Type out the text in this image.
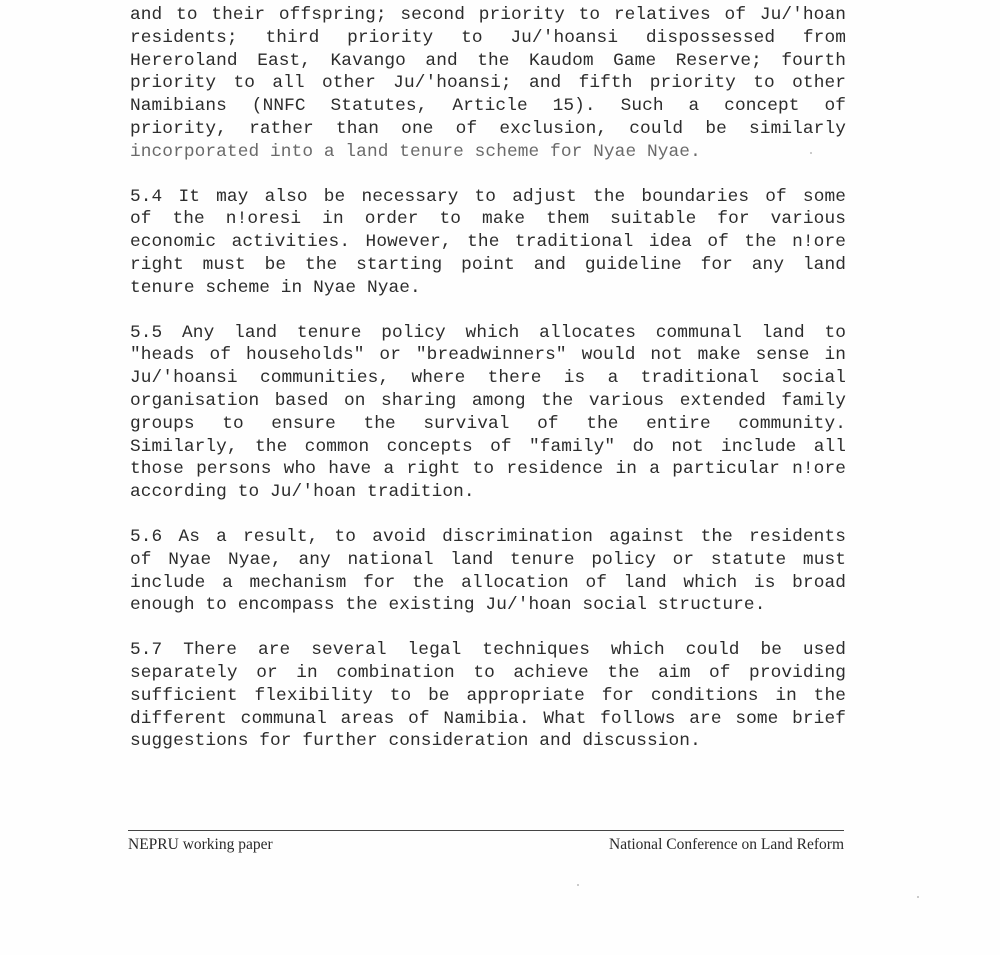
and to their offspring; second priority to relatives of Ju/'hoan
residents; third priority to Ju/'hoansi dispossessed from
Hereroland East, Kavango and the Kaudom Game Reserve; fourth
priority to all other Ju/'hoansi; and fifth priority to other
Namibians (NNFC Statutes, Article 15). Such a concept of
priority, rather than one of exclusion, could be similarly
incorporated into a land tenure scheme for Nyae Nyae.
5.4 It may also be necessary to adjust the boundaries of some
of the n!oresi in order to make them suitable for various
economic activities. However, the traditional idea of the n!ore
right must be the starting point and guideline for any land
tenure scheme in Nyae Nyae.
5.5 Any land tenure policy which allocates communal land to
"heads of households" or "breadwinners" would not make sense in
Ju/'hoansi communities, where there is a traditional social
organisation based on sharing among the various extended family
groups to ensure the survival of the entire community.
Similarly, the common concepts of "family" do not include all
those persons who have a right to residence in a particular n!ore
according to Ju/'hoan tradition.
5.6 As a result, to avoid discrimination against the residents
of Nyae Nyae, any national land tenure policy or statute must
include a mechanism for the allocation of land which is broad
enough to encompass the existing Ju/'hoan social structure.
5.7 There are several legal techniques which could be used
separately or in combination to achieve the aim of providing
sufficient flexibility to be appropriate for conditions in the
different communal areas of Namibia. What follows are some brief
suggestions for further consideration and discussion.
NEPRU working paper	National Conference on Land Reform
